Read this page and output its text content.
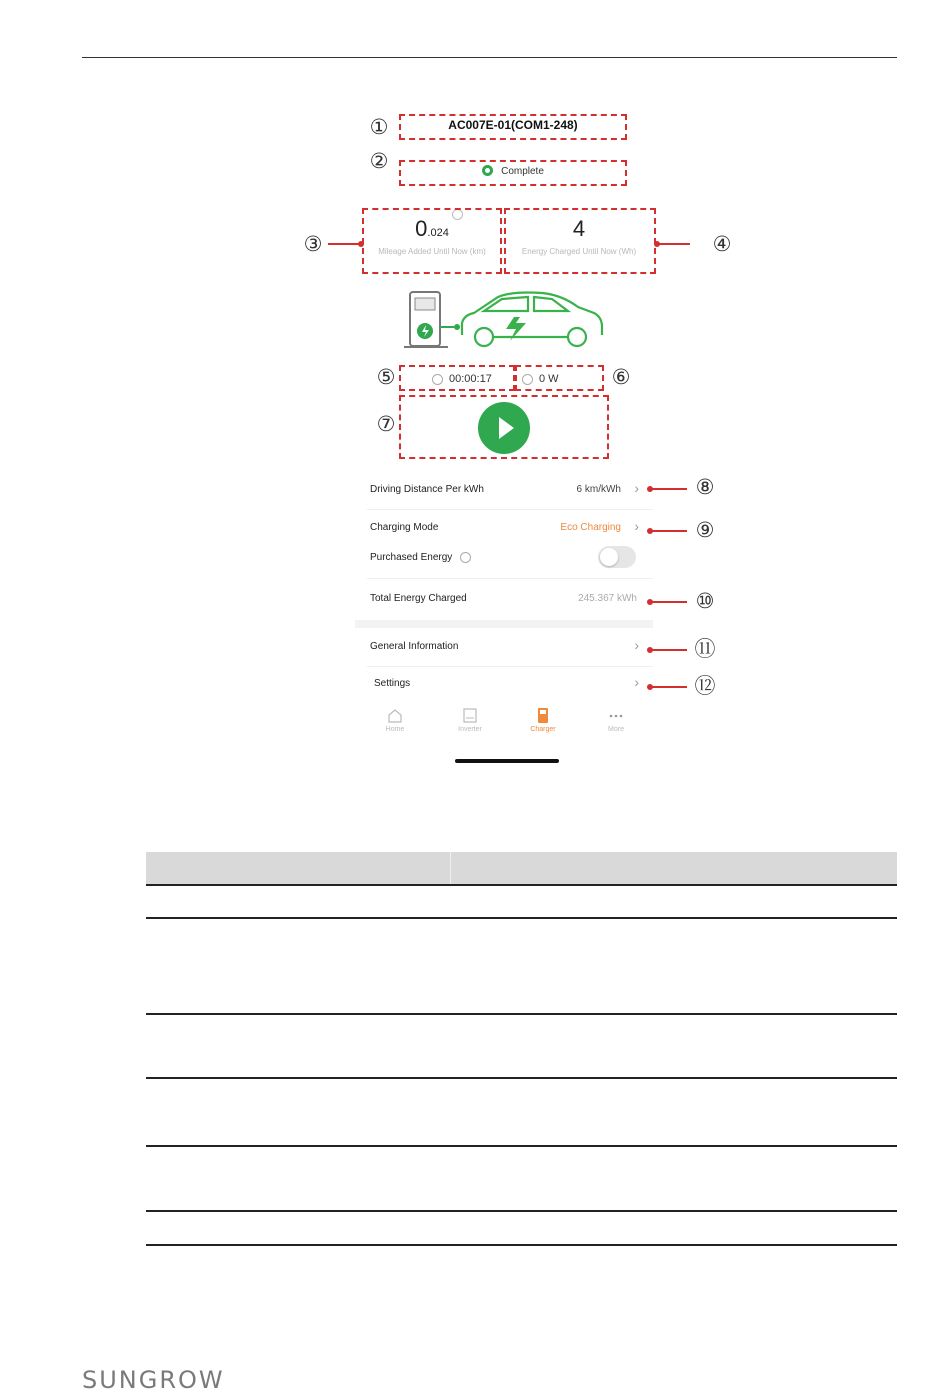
AC007E-01(COM1-248)
Complete
0.024
Mileage Added Until Now (km)
4
Energy Charged Until Now (Wh)
00:00:17	0 W
Driving Distance Per kWh	6 km/kWh ›
Charging Mode	Eco Charging ›
Purchased Energy
Total Energy Charged	245.367 kWh
General Information	›
Settings	›
Home	Inverter	Charger	More
①
②
③	④
⑤	⑥
⑦
⑧
⑨
⑩
⑪
⑫
SUNGROW
